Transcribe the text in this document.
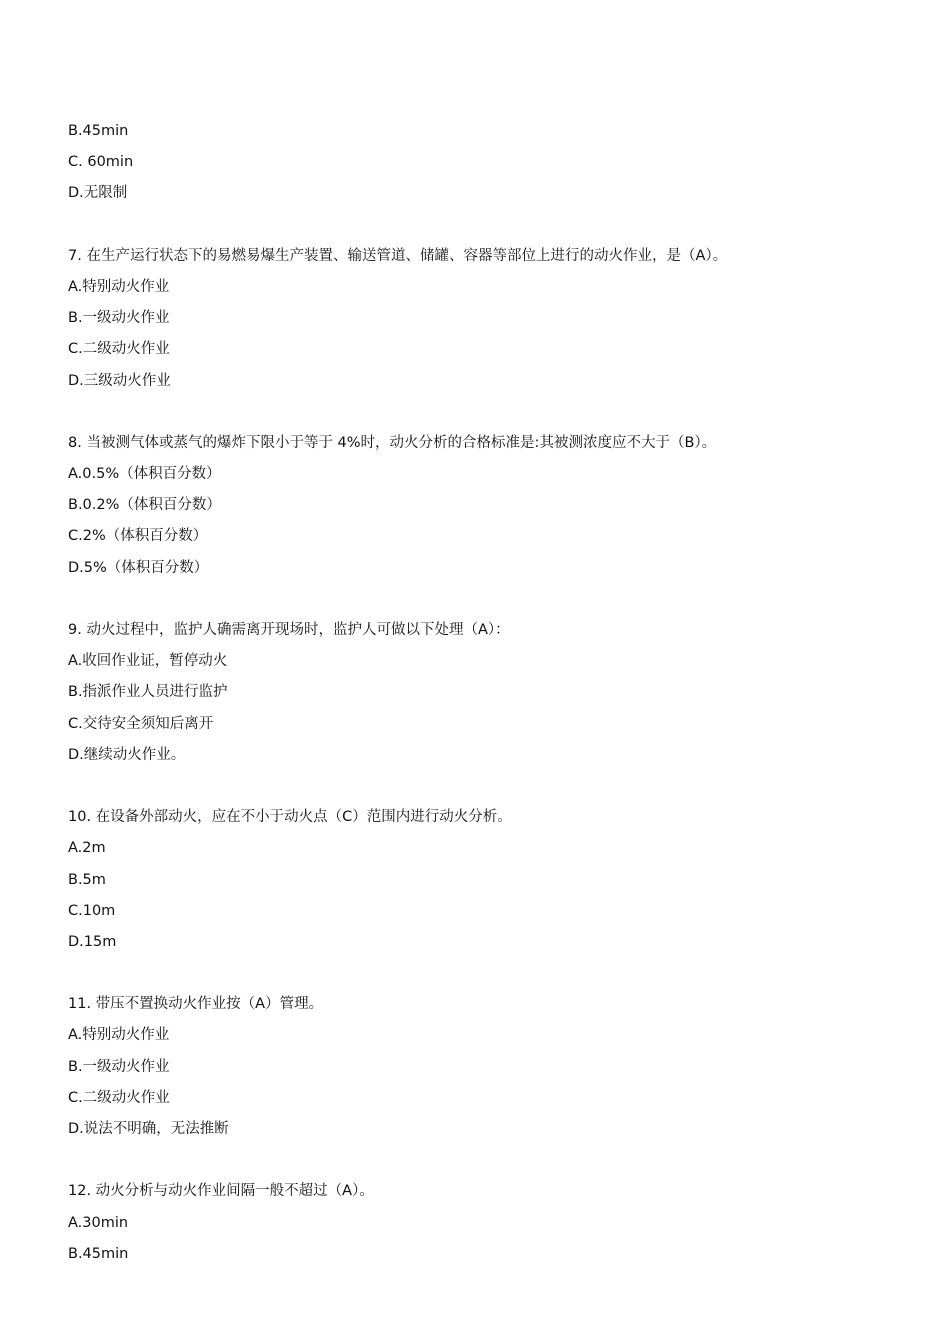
B.45min
C. 60min
D.无限制
7. 在生产运行状态下的易燃易爆生产装置、输送管道、储罐、容器等部位上进行的动火作业，是（A）。
A.特别动火作业
B.一级动火作业
C.二级动火作业
D.三级动火作业
8. 当被测气体或蒸气的爆炸下限小于等于 4%时，动火分析的合格标准是:其被测浓度应不大于（B）。
A.0.5%（体积百分数）
B.0.2%（体积百分数）
C.2%（体积百分数）
D.5%（体积百分数）
9. 动火过程中，监护人确需离开现场时，监护人可做以下处理（A）：
A.收回作业证，暂停动火
B.指派作业人员进行监护
C.交待安全须知后离开
D.继续动火作业。
10. 在设备外部动火，应在不小于动火点（C）范围内进行动火分析。
A.2m
B.5m
C.10m
D.15m
11. 带压不置换动火作业按（A）管理。
A.特别动火作业
B.一级动火作业
C.二级动火作业
D.说法不明确，无法推断
12. 动火分析与动火作业间隔一般不超过（A）。
A.30min
B.45min
